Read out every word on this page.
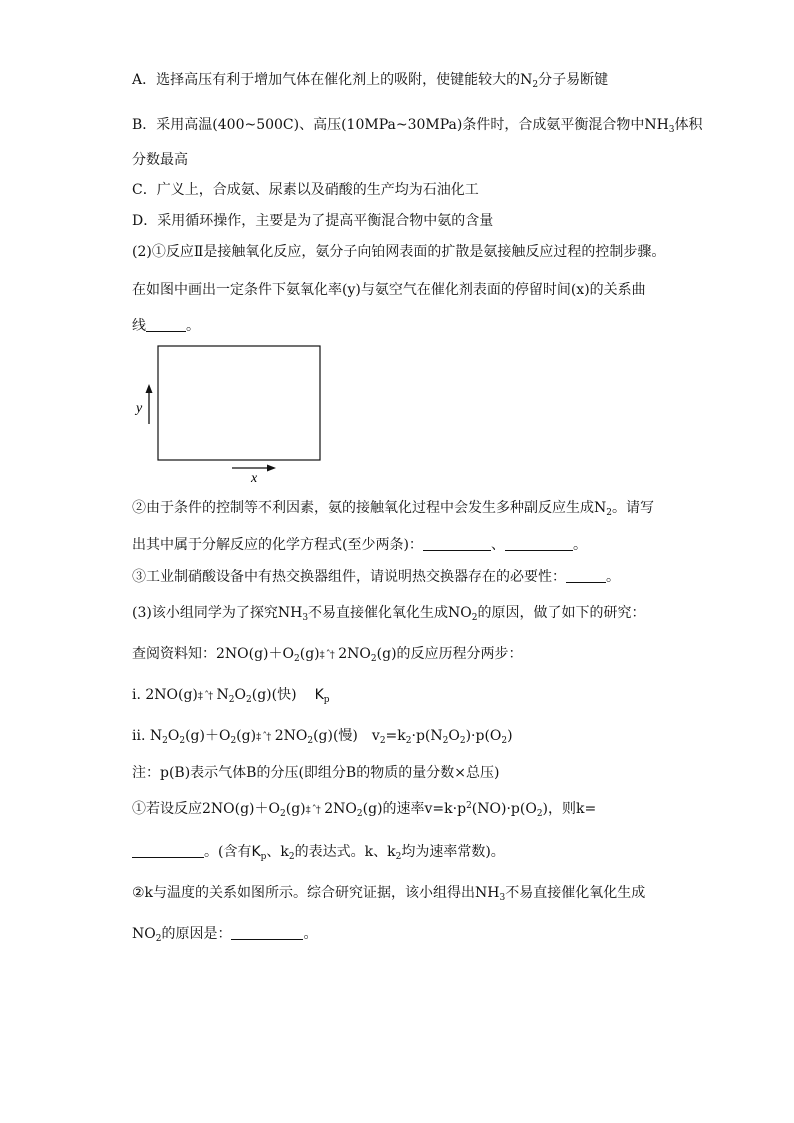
A．选择高压有利于增加气体在催化剂上的吸附，使键能较大的$N_2$分子易断键
B．采用高温(400~500C)、高压(10MPa~30MPa)条件时，合成氨平衡混合物中$NH_3$体积
分数最高
C．广义上，合成氨、尿素以及硝酸的生产均为石油化工
D．采用循环操作，主要是为了提高平衡混合物中氨的含量
(2)①反应Ⅱ是接触氧化反应，氨分子向铂网表面的扩散是氨接触反应过程的控制步骤。
在如图中画出一定条件下氨氧化率(y)与氨空气在催化剂表面的停留时间(x)的关系曲
线	。
y
x
②由于条件的控制等不利因素，氨的接触氧化过程中会发生多种副反应生成$N_2$。请写
出其中属于分解反应的化学方程式(至少两条)：	、	。
③工业制硝酸设备中有热交换器组件，请说明热交换器存在的必要性：	。
(3)该小组同学为了探究$NH_3$不易直接催化氧化生成$NO_2$的原因，做了如下的研究：
查阅资料知：$2NO(g)+O_2(g)\ddagger$ ˆ† $2NO_2(g)$的反应历程分两步：
i. 2NO(g)‡ ˆ† $N_2O_2(g)$(快) $K_p$
ii. $N_2O_2(g)+O_2(g)\ddagger$ ˆ† $2NO_2(g)$(慢) $v_2=k_2\cdot p(N_2O_2)\cdot p(O_2)$
注：p(B)表示气体B的分压(即组分B的物质的量分数×总压)
①若设反应$2NO(g)+O_2(g)\ddagger$ ˆ† $2NO_2(g)$的速率$v=k\cdot p^2(NO)\cdot p(O_2)$，则k=
。(含有$K_p$、$k_2$的表达式。k、$k_2$均为速率常数)。
②k与温度的关系如图所示。综合研究证据，该小组得出$NH_3$不易直接催化氧化生成
$NO_2$的原因是：	。
